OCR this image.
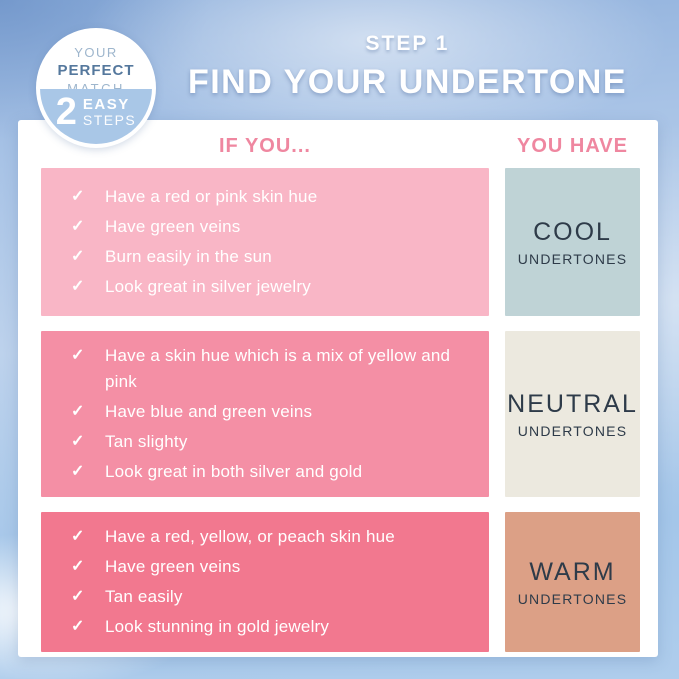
YOUR
PERFECT
2 EASY
STEPS
STEP 1
FIND YOUR UNDERTONE
IF YOU...	YOU HAVE
✓	Have a red or pink skin hue
✓	Have green veins
✓	Burn easily in the sun
✓	Look great in silver jewelry
COOL
UNDERTONES
✓	Have a skin hue which is a mix of yellow and pink
✓	Have blue and green veins
✓	Tan slighty
✓	Look great in both silver and gold
NEUTRAL
UNDERTONES
✓	Have a red, yellow, or peach skin hue
✓	Have green veins
✓	Tan easily
✓	Look stunning in gold jewelry
WARM
UNDERTONES
